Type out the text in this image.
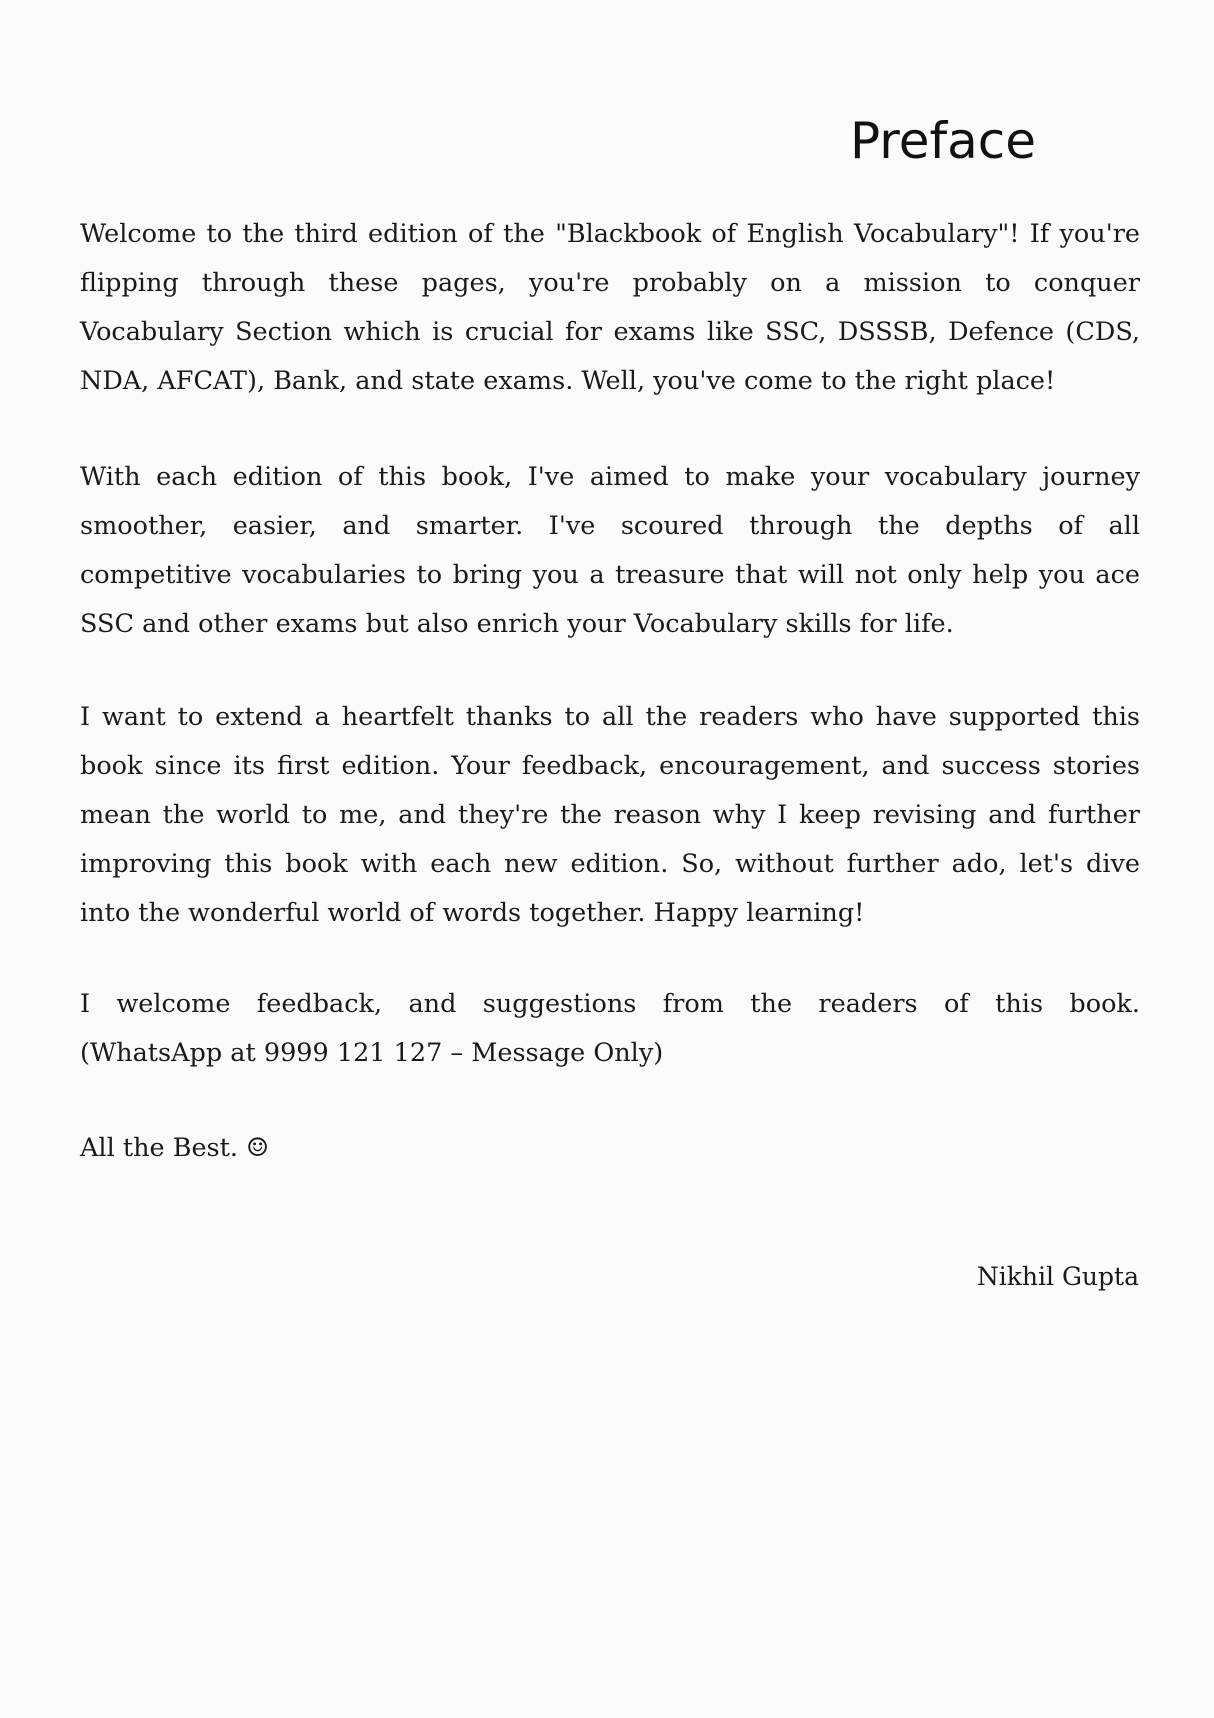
Preface
Welcome to the third edition of the "Blackbook of English Vocabulary"! If you're
flipping through these pages, you're probably on a mission to conquer
Vocabulary Section which is crucial for exams like SSC, DSSSB, Defence (CDS,
NDA, AFCAT), Bank, and state exams. Well, you've come to the right place!
With each edition of this book, I've aimed to make your vocabulary journey
smoother, easier, and smarter. I've scoured through the depths of all
competitive vocabularies to bring you a treasure that will not only help you ace
SSC and other exams but also enrich your Vocabulary skills for life.
I want to extend a heartfelt thanks to all the readers who have supported this
book since its first edition. Your feedback, encouragement, and success stories
mean the world to me, and they're the reason why I keep revising and further
improving this book with each new edition. So, without further ado, let's dive
into the wonderful world of words together. Happy learning!
I welcome feedback, and suggestions from the readers of this book.
(WhatsApp at 9999 121 127 – Message Only)
All the Best. ☺
Nikhil Gupta
